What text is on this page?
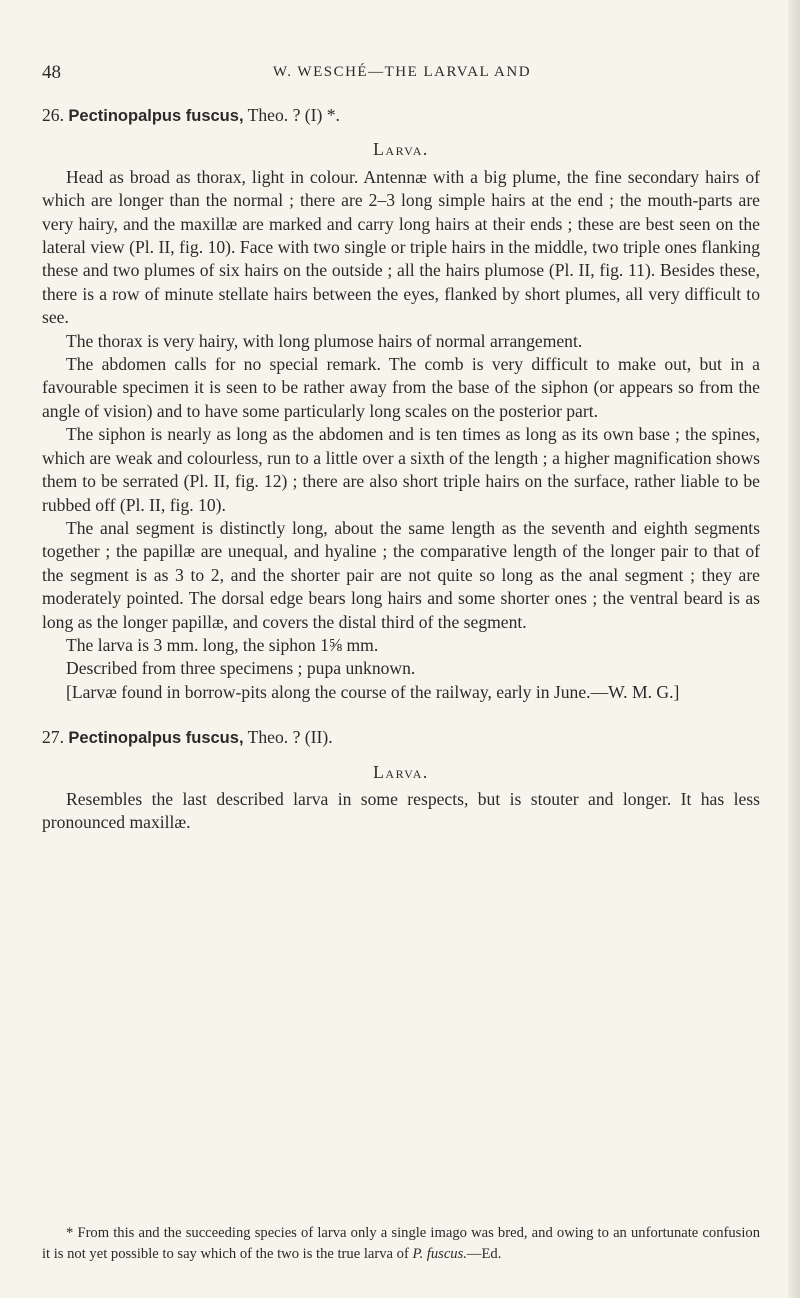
48	W. WESCHÉ—THE LARVAL AND

26. Pectinopalpus fuscus, Theo. ? (I) *.

Larva.

Head as broad as thorax, light in colour. Antennæ with a big plume, the fine secondary hairs of which are longer than the normal ; there are 2–3 long simple hairs at the end ; the mouth-parts are very hairy, and the maxillæ are marked and carry long hairs at their ends ; these are best seen on the lateral view (Pl. II, fig. 10). Face with two single or triple hairs in the middle, two triple ones flanking these and two plumes of six hairs on the outside ; all the hairs plumose (Pl. II, fig. 11). Besides these, there is a row of minute stellate hairs between the eyes, flanked by short plumes, all very difficult to see.

The thorax is very hairy, with long plumose hairs of normal arrangement.

The abdomen calls for no special remark. The comb is very difficult to make out, but in a favourable specimen it is seen to be rather away from the base of the siphon (or appears so from the angle of vision) and to have some particularly long scales on the posterior part.

The siphon is nearly as long as the abdomen and is ten times as long as its own base ; the spines, which are weak and colourless, run to a little over a sixth of the length ; a higher magnification shows them to be serrated (Pl. II, fig. 12) ; there are also short triple hairs on the surface, rather liable to be rubbed off (Pl. II, fig. 10).

The anal segment is distinctly long, about the same length as the seventh and eighth segments together ; the papillæ are unequal, and hyaline ; the comparative length of the longer pair to that of the segment is as 3 to 2, and the shorter pair are not quite so long as the anal segment ; they are moderately pointed. The dorsal edge bears long hairs and some shorter ones ; the ventral beard is as long as the longer papillæ, and covers the distal third of the segment.

The larva is 3 mm. long, the siphon 1⅝ mm.

Described from three specimens ; pupa unknown.

[Larvæ found in borrow-pits along the course of the railway, early in June.—W. M. G.]

27. Pectinopalpus fuscus, Theo. ? (II).

Larva.

Resembles the last described larva in some respects, but is stouter and longer. It has less pronounced maxillæ.

* From this and the succeeding species of larva only a single imago was bred, and owing to an unfortunate confusion it is not yet possible to say which of the two is the true larva of P. fuscus.—Ed.
